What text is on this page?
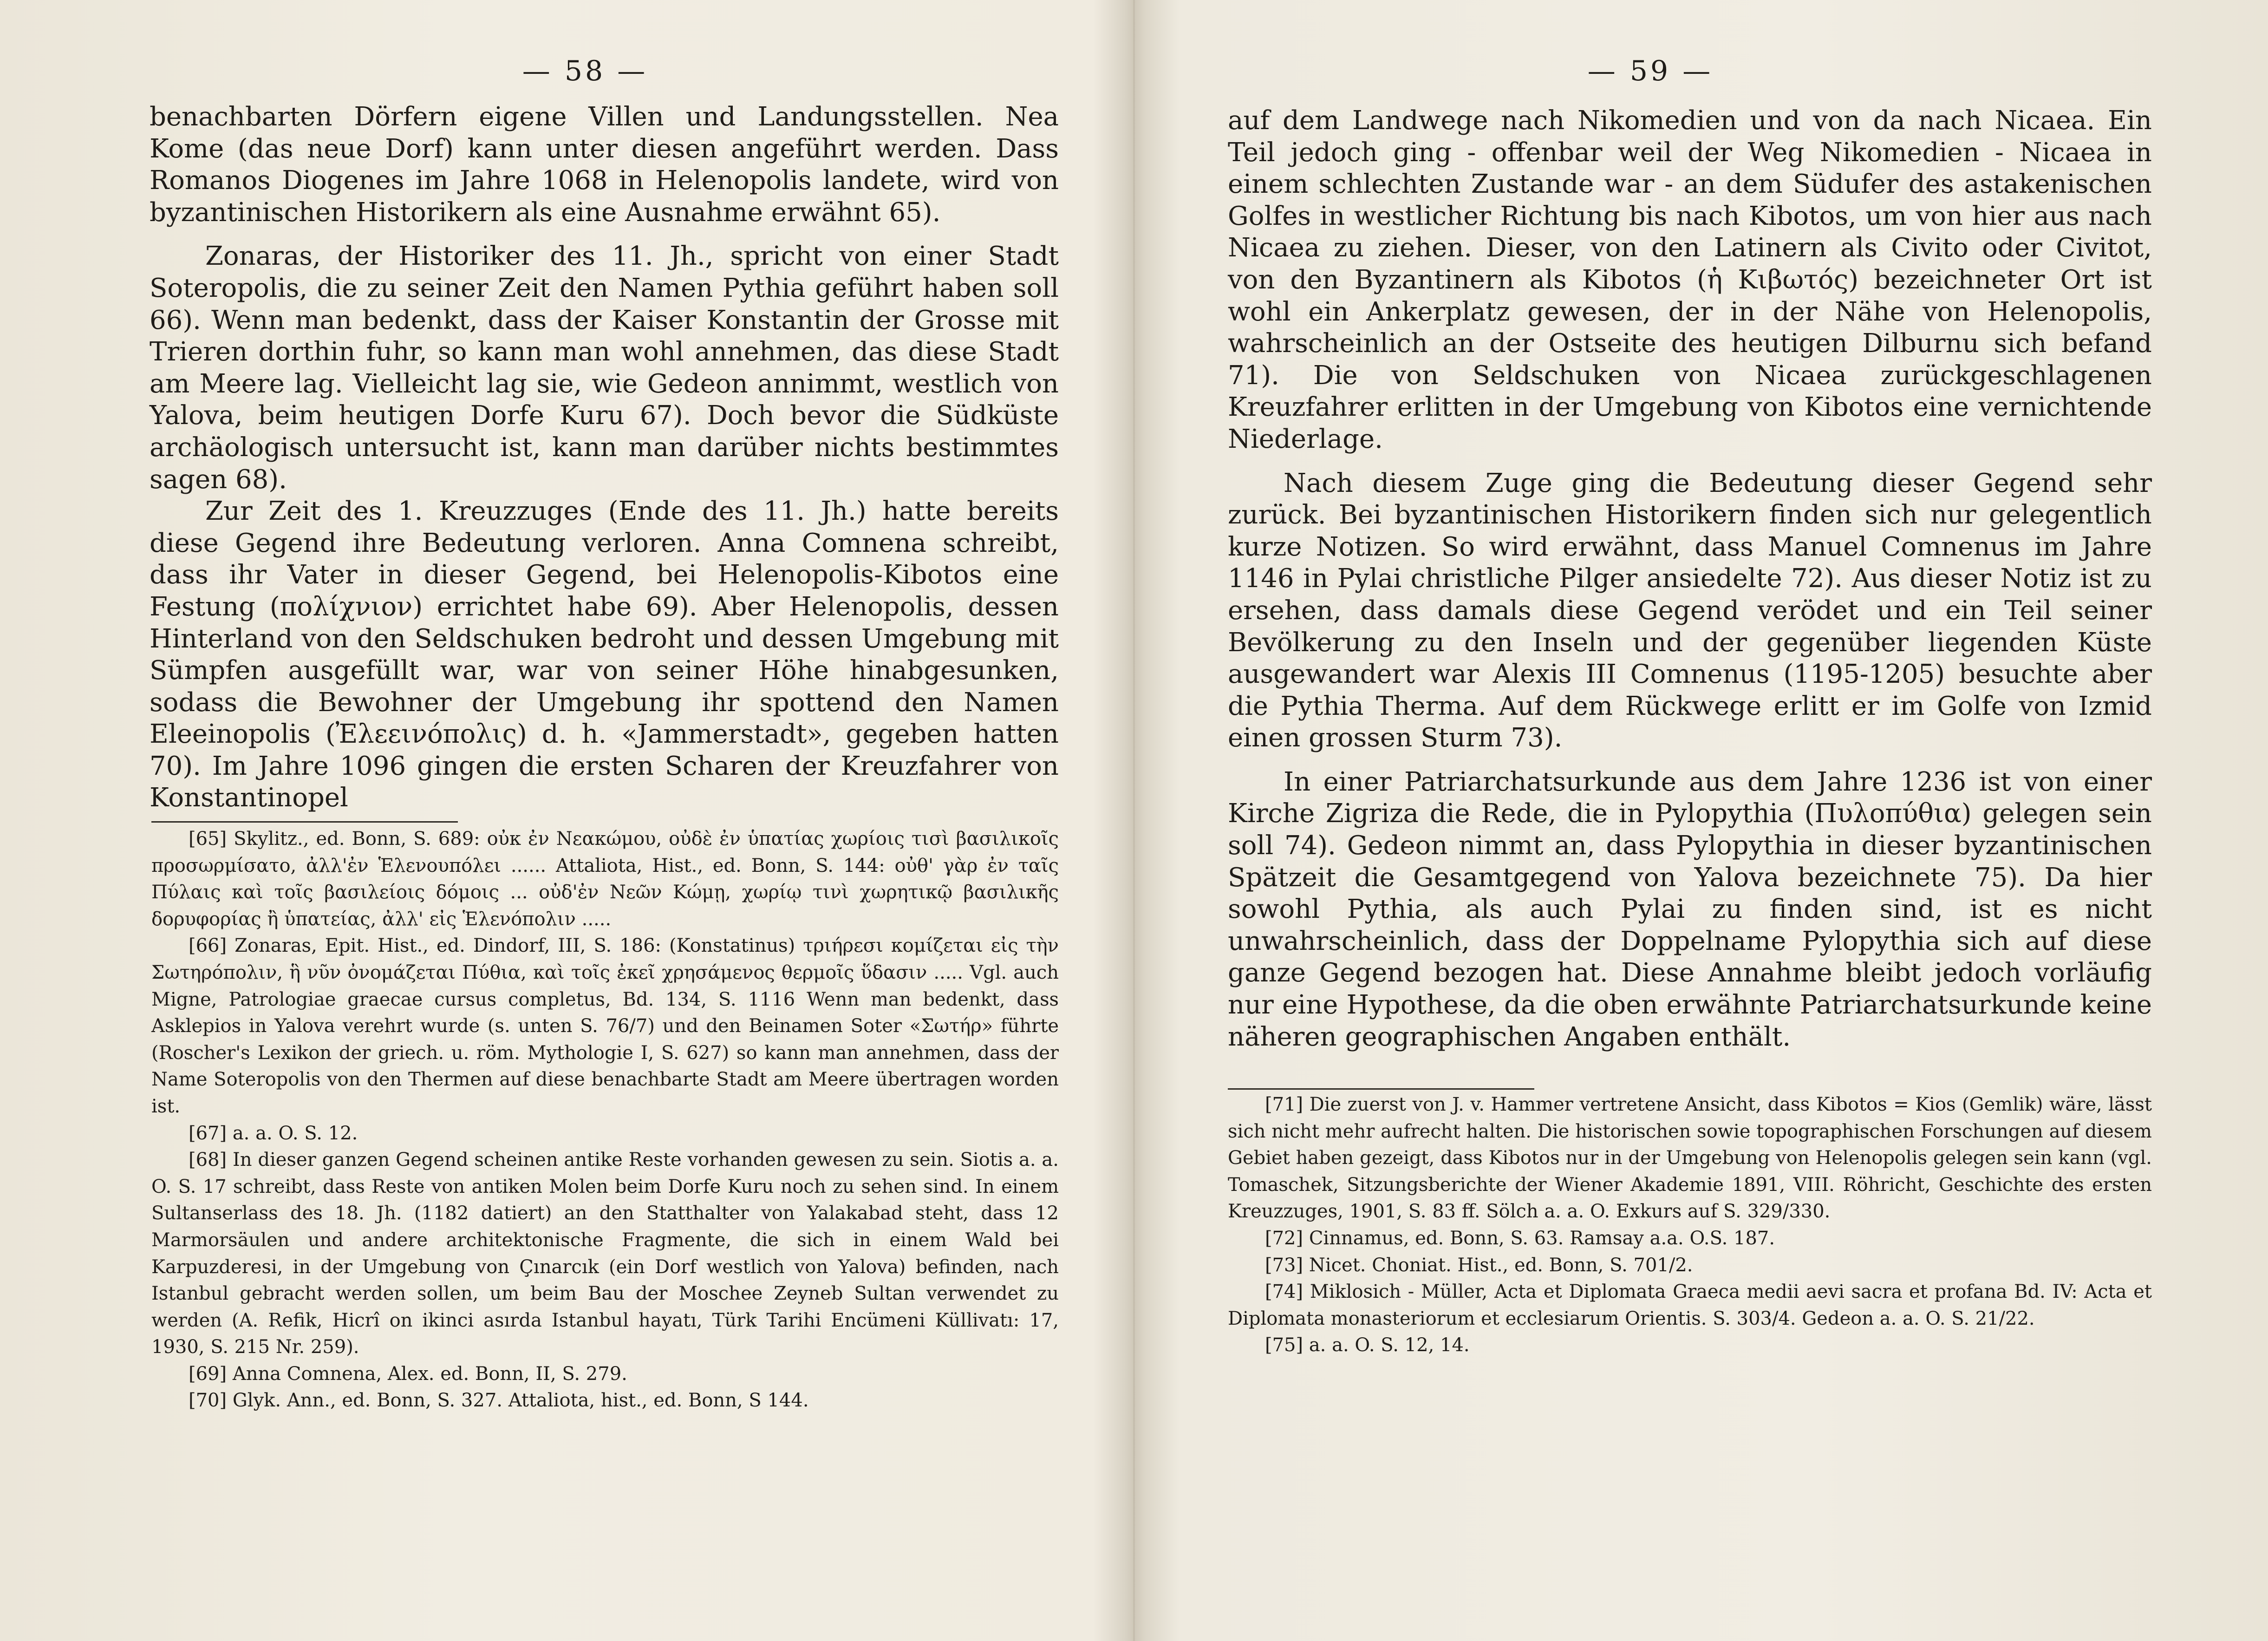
— 58 —

benachbarten Dörfern eigene Villen und Landungsstellen. Nea Kome (das neue Dorf) kann unter diesen angeführt werden. Dass Romanos Diogenes im Jahre 1068 in Helenopolis landete, wird von byzantinischen Historikern als eine Ausnahme erwähnt 65).

Zonaras, der Historiker des 11. Jh., spricht von einer Stadt Soteropolis, die zu seiner Zeit den Namen Pythia geführt haben soll 66). Wenn man bedenkt, dass der Kaiser Konstantin der Grosse mit Trieren dorthin fuhr, so kann man wohl annehmen, das diese Stadt am Meere lag. Vielleicht lag sie, wie Gedeon annimmt, westlich von Yalova, beim heutigen Dorfe Kuru 67). Doch bevor die Südküste archäologisch untersucht ist, kann man darüber nichts bestimmtes sagen 68).

Zur Zeit des 1. Kreuzzuges (Ende des 11. Jh.) hatte bereits diese Gegend ihre Bedeutung verloren. Anna Comnena schreibt, dass ihr Vater in dieser Gegend, bei Helenopolis-Kibotos eine Festung (πολίχνιον) errichtet habe 69). Aber Helenopolis, dessen Hinterland von den Seldschuken bedroht und dessen Umgebung mit Sümpfen ausgefüllt war, war von seiner Höhe hinabgesunken, sodass die Bewohner der Umgebung ihr spottend den Namen Eleeinopolis (Ἐλεεινόπολις) d. h. «Jammerstadt», gegeben hatten 70). Im Jahre 1096 gingen die ersten Scharen der Kreuzfahrer von Konstantinopel

[65] Skylitz., ed. Bonn, S. 689: οὐκ ἐν Νεακώμου, οὐδὲ ἐν ὑπατίας χωρίοις τισὶ βασιλικοῖς προσωρμίσατο, ἀλλ'ἐν Ἑλενουπόλει ...... Attaliota, Hist., ed. Bonn, S. 144: οὐθ' γὰρ ἐν ταῖς Πύλαις καὶ τοῖς βασιλείοις δόμοις ... οὐδ'ἐν Νεῶν Κώμῃ, χωρίῳ τινὶ χωρητικῷ βασιλικῆς δορυφορίας ἢ ὑπατείας, ἀλλ' εἰς Ἑλενόπολιν .....

[66] Zonaras, Epit. Hist., ed. Dindorf, III, S. 186: (Konstatinus) τριήρεσι κομίζεται εἰς τὴν Σωτηρόπολιν, ἣ νῦν ὀνομάζεται Πύθια, καὶ τοῖς ἐκεῖ χρησάμενος θερμοῖς ὕδασιν ..... Vgl. auch Migne, Patrologiae graecae cursus completus, Bd. 134, S. 1116 Wenn man bedenkt, dass Asklepios in Yalova verehrt wurde (s. unten S. 76/7) und den Beinamen Soter «Σωτήρ» führte (Roscher's Lexikon der griech. u. röm. Mythologie I, S. 627) so kann man annehmen, dass der Name Soteropolis von den Thermen auf diese benachbarte Stadt am Meere übertragen worden ist.

[67] a. a. O. S. 12.

[68] In dieser ganzen Gegend scheinen antike Reste vorhanden gewesen zu sein. Siotis a. a. O. S. 17 schreibt, dass Reste von antiken Molen beim Dorfe Kuru noch zu sehen sind. In einem Sultanserlass des 18. Jh. (1182 datiert) an den Statthalter von Yalakabad steht, dass 12 Marmorsäulen und andere architektonische Fragmente, die sich in einem Wald bei Karpuzderesi, in der Umgebung von Çınarcık (ein Dorf westlich von Yalova) befinden, nach Istanbul gebracht werden sollen, um beim Bau der Moschee Zeyneb Sultan verwendet zu werden (A. Refik, Hicrî on ikinci asırda Istanbul hayatı, Türk Tarihi Encümeni Küllivatı: 17, 1930, S. 215 Nr. 259).

[69] Anna Comnena, Alex. ed. Bonn, II, S. 279.

[70] Glyk. Ann., ed. Bonn, S. 327. Attaliota, hist., ed. Bonn, S 144.

— 59 —

auf dem Landwege nach Nikomedien und von da nach Nicaea. Ein Teil jedoch ging - offenbar weil der Weg Nikomedien - Nicaea in einem schlechten Zustande war - an dem Südufer des astakenischen Golfes in westlicher Richtung bis nach Kibotos, um von hier aus nach Nicaea zu ziehen. Dieser, von den Latinern als Civito oder Civitot, von den Byzantinern als Kibotos (ἡ Κιβωτός) bezeichneter Ort ist wohl ein Ankerplatz gewesen, der in der Nähe von Helenopolis, wahrscheinlich an der Ostseite des heutigen Dilburnu sich befand 71). Die von Seldschuken von Nicaea zurückgeschlagenen Kreuzfahrer erlitten in der Umgebung von Kibotos eine vernichtende Niederlage.

Nach diesem Zuge ging die Bedeutung dieser Gegend sehr zurück. Bei byzantinischen Historikern finden sich nur gelegentlich kurze Notizen. So wird erwähnt, dass Manuel Comnenus im Jahre 1146 in Pylai christliche Pilger ansiedelte 72). Aus dieser Notiz ist zu ersehen, dass damals diese Gegend verödet und ein Teil seiner Bevölkerung zu den Inseln und der gegenüber liegenden Küste ausgewandert war Alexis III Comnenus (1195-1205) besuchte aber die Pythia Therma. Auf dem Rückwege erlitt er im Golfe von Izmid einen grossen Sturm 73).

In einer Patriarchatsurkunde aus dem Jahre 1236 ist von einer Kirche Zigriza die Rede, die in Pylopythia (Πυλοπύθια) gelegen sein soll 74). Gedeon nimmt an, dass Pylopythia in dieser byzantinischen Spätzeit die Gesamtgegend von Yalova bezeichnete 75). Da hier sowohl Pythia, als auch Pylai zu finden sind, ist es nicht unwahrscheinlich, dass der Doppelname Pylopythia sich auf diese ganze Gegend bezogen hat. Diese Annahme bleibt jedoch vorläufig nur eine Hypothese, da die oben erwähnte Patriarchatsurkunde keine näheren geographischen Angaben enthält.

[71] Die zuerst von J. v. Hammer vertretene Ansicht, dass Kibotos = Kios (Gemlik) wäre, lässt sich nicht mehr aufrecht halten. Die historischen sowie topographischen Forschungen auf diesem Gebiet haben gezeigt, dass Kibotos nur in der Umgebung von Helenopolis gelegen sein kann (vgl. Tomaschek, Sitzungsberichte der Wiener Akademie 1891, VIII. Röhricht, Geschichte des ersten Kreuzzuges, 1901, S. 83 ff. Sölch a. a. O. Exkurs auf S. 329/330.

[72] Cinnamus, ed. Bonn, S. 63. Ramsay a.a. O.S. 187.

[73] Nicet. Choniat. Hist., ed. Bonn, S. 701/2.

[74] Miklosich - Müller, Acta et Diplomata Graeca medii aevi sacra et profana Bd. IV: Acta et Diplomata monasteriorum et ecclesiarum Orientis. S. 303/4. Gedeon a. a. O. S. 21/22.

[75] a. a. O. S. 12, 14.
